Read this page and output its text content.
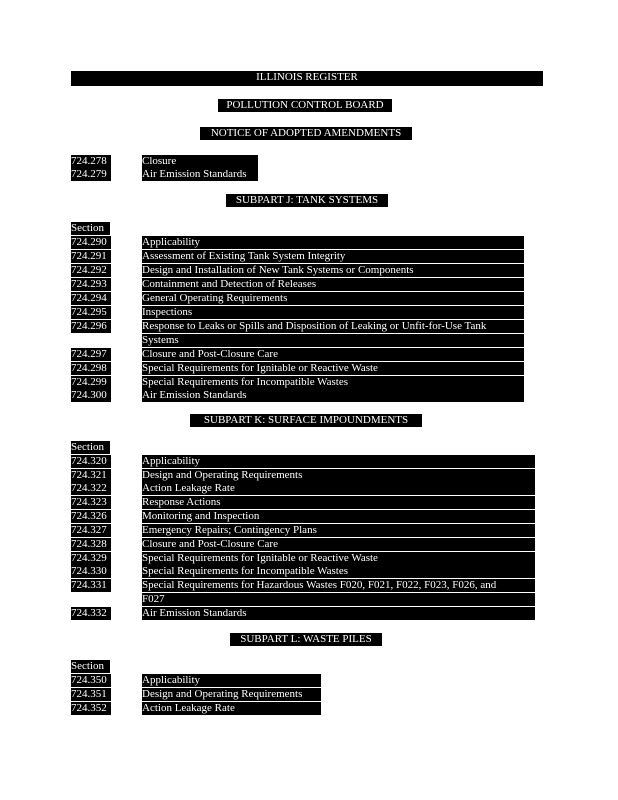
ILLINOIS REGISTER
POLLUTION CONTROL BOARD
NOTICE OF ADOPTED AMENDMENTS
724.278	Closure
724.279	Air Emission Standards
SUBPART J: TANK SYSTEMS
Section
724.290	Applicability
724.291	Assessment of Existing Tank System Integrity
724.292	Design and Installation of New Tank Systems or Components
724.293	Containment and Detection of Releases
724.294	General Operating Requirements
724.295	Inspections
724.296	Response to Leaks or Spills and Disposition of Leaking or Unfit-for-Use Tank
Systems
724.297	Closure and Post-Closure Care
724.298	Special Requirements for Ignitable or Reactive Waste
724.299	Special Requirements for Incompatible Wastes
724.300	Air Emission Standards
SUBPART K: SURFACE IMPOUNDMENTS
Section
724.320	Applicability
724.321	Design and Operating Requirements
724.322	Action Leakage Rate
724.323	Response Actions
724.326	Monitoring and Inspection
724.327	Emergency Repairs; Contingency Plans
724.328	Closure and Post-Closure Care
724.329	Special Requirements for Ignitable or Reactive Waste
724.330	Special Requirements for Incompatible Wastes
724.331	Special Requirements for Hazardous Wastes F020, F021, F022, F023, F026, and
F027
724.332	Air Emission Standards
SUBPART L: WASTE PILES
Section
724.350	Applicability
724.351	Design and Operating Requirements
724.352	Action Leakage Rate
